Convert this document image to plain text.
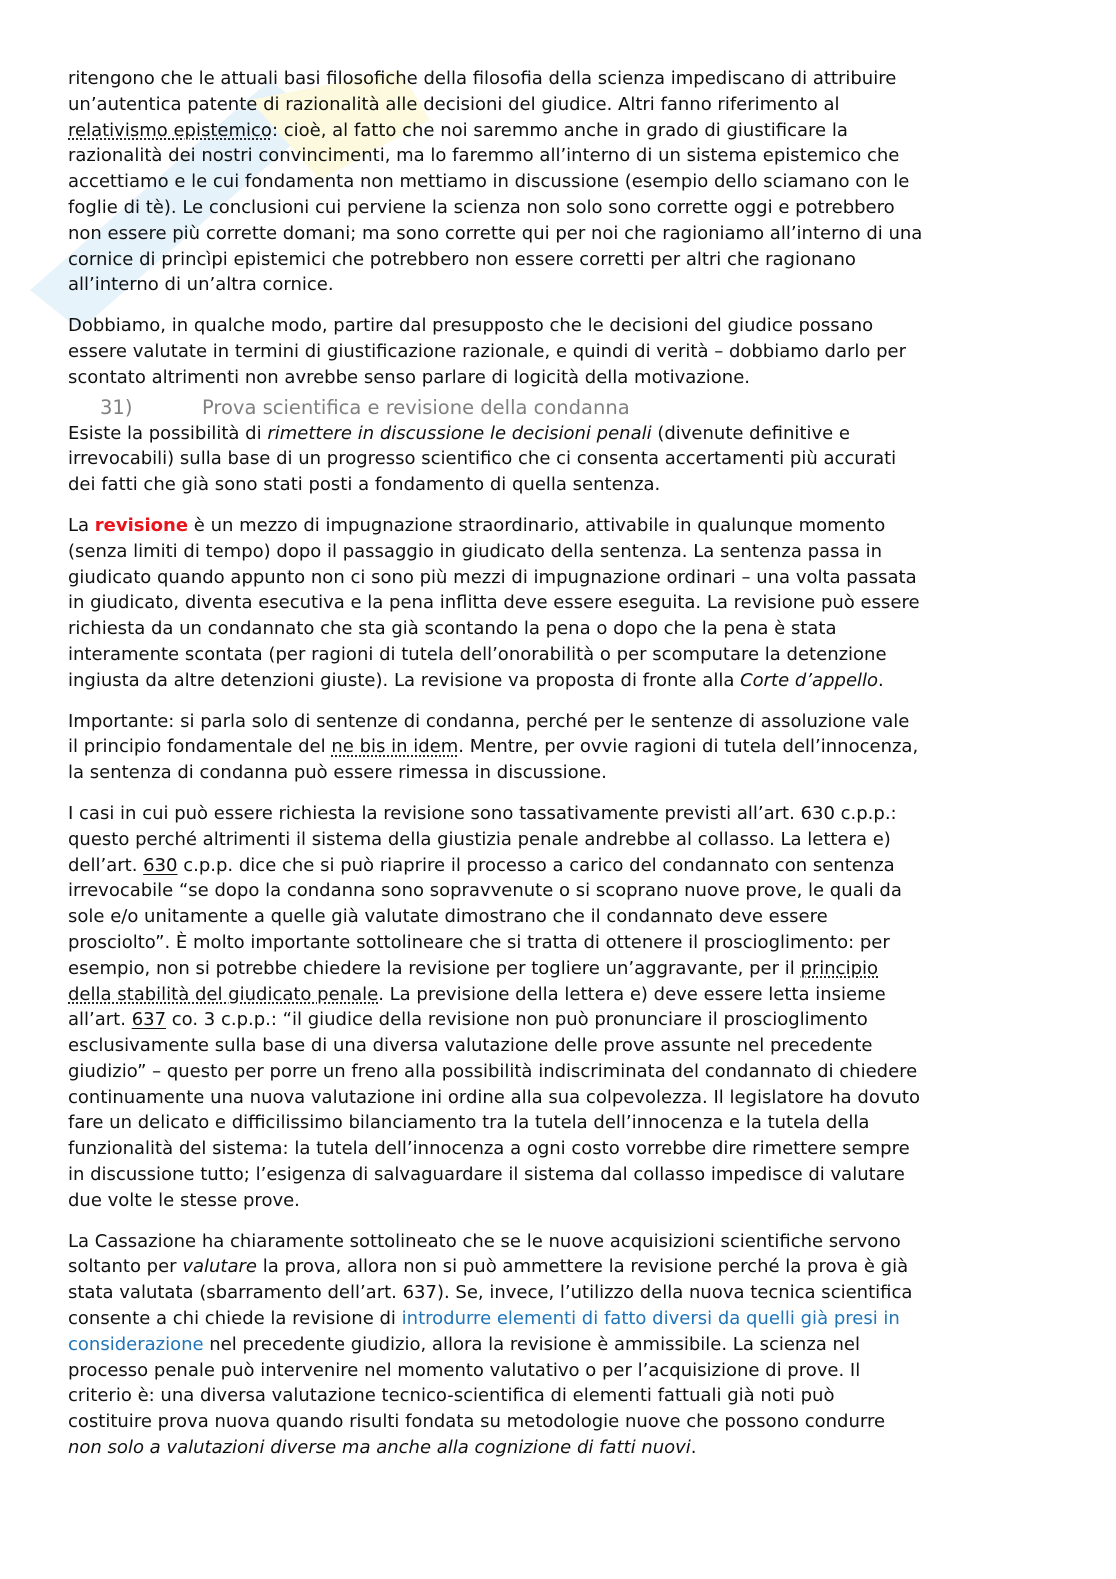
ritengono che le attuali basi filosofiche della filosofia della scienza impediscano di attribuire
un’autentica patente di razionalità alle decisioni del giudice. Altri fanno riferimento al
relativismo epistemico: cioè, al fatto che noi saremmo anche in grado di giustificare la
razionalità dei nostri convincimenti, ma lo faremmo all’interno di un sistema epistemico che
accettiamo e le cui fondamenta non mettiamo in discussione (esempio dello sciamano con le
foglie di tè). Le conclusioni cui perviene la scienza non solo sono corrette oggi e potrebbero
non essere più corrette domani; ma sono corrette qui per noi che ragioniamo all’interno di una
cornice di princìpi epistemici che potrebbero non essere corretti per altri che ragionano
all’interno di un’altra cornice.
Dobbiamo, in qualche modo, partire dal presupposto che le decisioni del giudice possano
essere valutate in termini di giustificazione razionale, e quindi di verità – dobbiamo darlo per
scontato altrimenti non avrebbe senso parlare di logicità della motivazione.
31)	Prova scientifica e revisione della condanna
Esiste la possibilità di rimettere in discussione le decisioni penali (divenute definitive e
irrevocabili) sulla base di un progresso scientifico che ci consenta accertamenti più accurati
dei fatti che già sono stati posti a fondamento di quella sentenza.
La revisione è un mezzo di impugnazione straordinario, attivabile in qualunque momento
(senza limiti di tempo) dopo il passaggio in giudicato della sentenza. La sentenza passa in
giudicato quando appunto non ci sono più mezzi di impugnazione ordinari – una volta passata
in giudicato, diventa esecutiva e la pena inflitta deve essere eseguita. La revisione può essere
richiesta da un condannato che sta già scontando la pena o dopo che la pena è stata
interamente scontata (per ragioni di tutela dell’onorabilità o per scomputare la detenzione
ingiusta da altre detenzioni giuste). La revisione va proposta di fronte alla Corte d’appello.
Importante: si parla solo di sentenze di condanna, perché per le sentenze di assoluzione vale
il principio fondamentale del ne bis in idem. Mentre, per ovvie ragioni di tutela dell’innocenza,
la sentenza di condanna può essere rimessa in discussione.
I casi in cui può essere richiesta la revisione sono tassativamente previsti all’art. 630 c.p.p.:
questo perché altrimenti il sistema della giustizia penale andrebbe al collasso. La lettera e)
dell’art. 630 c.p.p. dice che si può riaprire il processo a carico del condannato con sentenza
irrevocabile “se dopo la condanna sono sopravvenute o si scoprano nuove prove, le quali da
sole e/o unitamente a quelle già valutate dimostrano che il condannato deve essere
prosciolto”. È molto importante sottolineare che si tratta di ottenere il proscioglimento: per
esempio, non si potrebbe chiedere la revisione per togliere un’aggravante, per il principio
della stabilità del giudicato penale. La previsione della lettera e) deve essere letta insieme
all’art. 637 co. 3 c.p.p.: “il giudice della revisione non può pronunciare il proscioglimento
esclusivamente sulla base di una diversa valutazione delle prove assunte nel precedente
giudizio” – questo per porre un freno alla possibilità indiscriminata del condannato di chiedere
continuamente una nuova valutazione ini ordine alla sua colpevolezza. Il legislatore ha dovuto
fare un delicato e difficilissimo bilanciamento tra la tutela dell’innocenza e la tutela della
funzionalità del sistema: la tutela dell’innocenza a ogni costo vorrebbe dire rimettere sempre
in discussione tutto; l’esigenza di salvaguardare il sistema dal collasso impedisce di valutare
due volte le stesse prove.
La Cassazione ha chiaramente sottolineato che se le nuove acquisizioni scientifiche servono
soltanto per valutare la prova, allora non si può ammettere la revisione perché la prova è già
stata valutata (sbarramento dell’art. 637). Se, invece, l’utilizzo della nuova tecnica scientifica
consente a chi chiede la revisione di introdurre elementi di fatto diversi da quelli già presi in
considerazione nel precedente giudizio, allora la revisione è ammissibile. La scienza nel
processo penale può intervenire nel momento valutativo o per l’acquisizione di prove. Il
criterio è: una diversa valutazione tecnico-scientifica di elementi fattuali già noti può
costituire prova nuova quando risulti fondata su metodologie nuove che possono condurre
non solo a valutazioni diverse ma anche alla cognizione di fatti nuovi.
